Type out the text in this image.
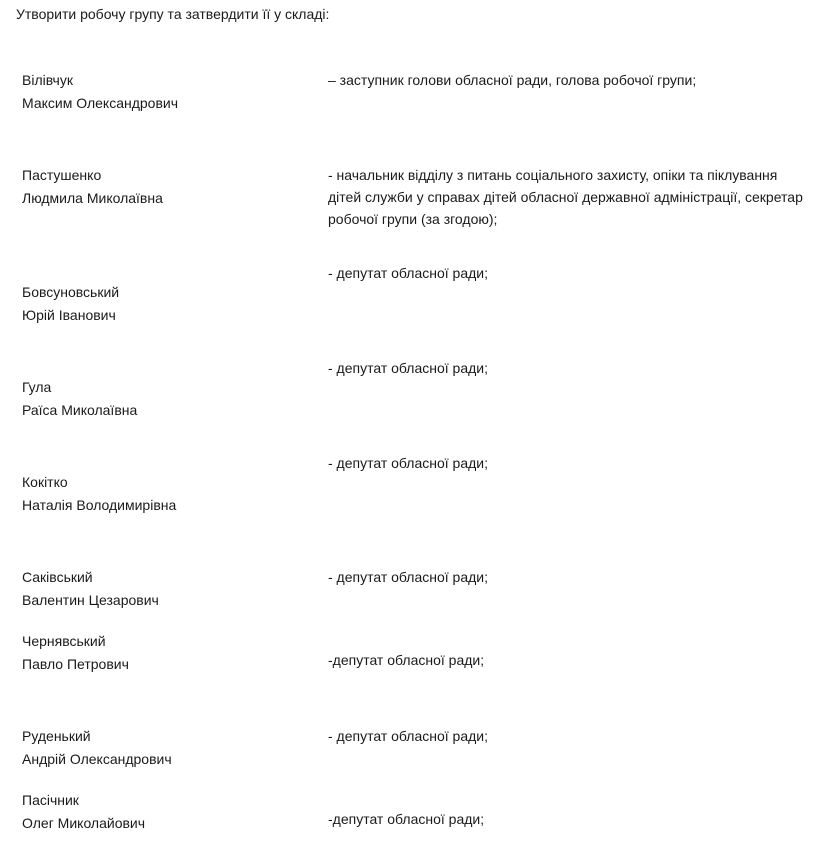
Утворити робочу групу та затвердити її у складі:
Вілівчук
Максим Олександрович
– заступник голови обласної ради, голова робочої групи;
Пастушенко
Людмила Миколаївна
- начальник відділу з питань соціального захисту, опіки та піклування
дітей служби у справах дітей обласної державної адміністрації, секретар
робочої групи (за згодою);
- депутат обласної ради;
Бовсуновський
Юрій Іванович
- депутат обласної ради;
Гула
Раїса Миколаївна
- депутат обласної ради;
Кокітко
Наталія Володимирівна
Саківський
Валентин Цезарович
- депутат обласної ради;
Чернявський
Павло Петрович	-депутат обласної ради;
Руденький
Андрій Олександрович
- депутат обласної ради;
Пасічник
Олег Миколайович	-депутат обласної ради;
